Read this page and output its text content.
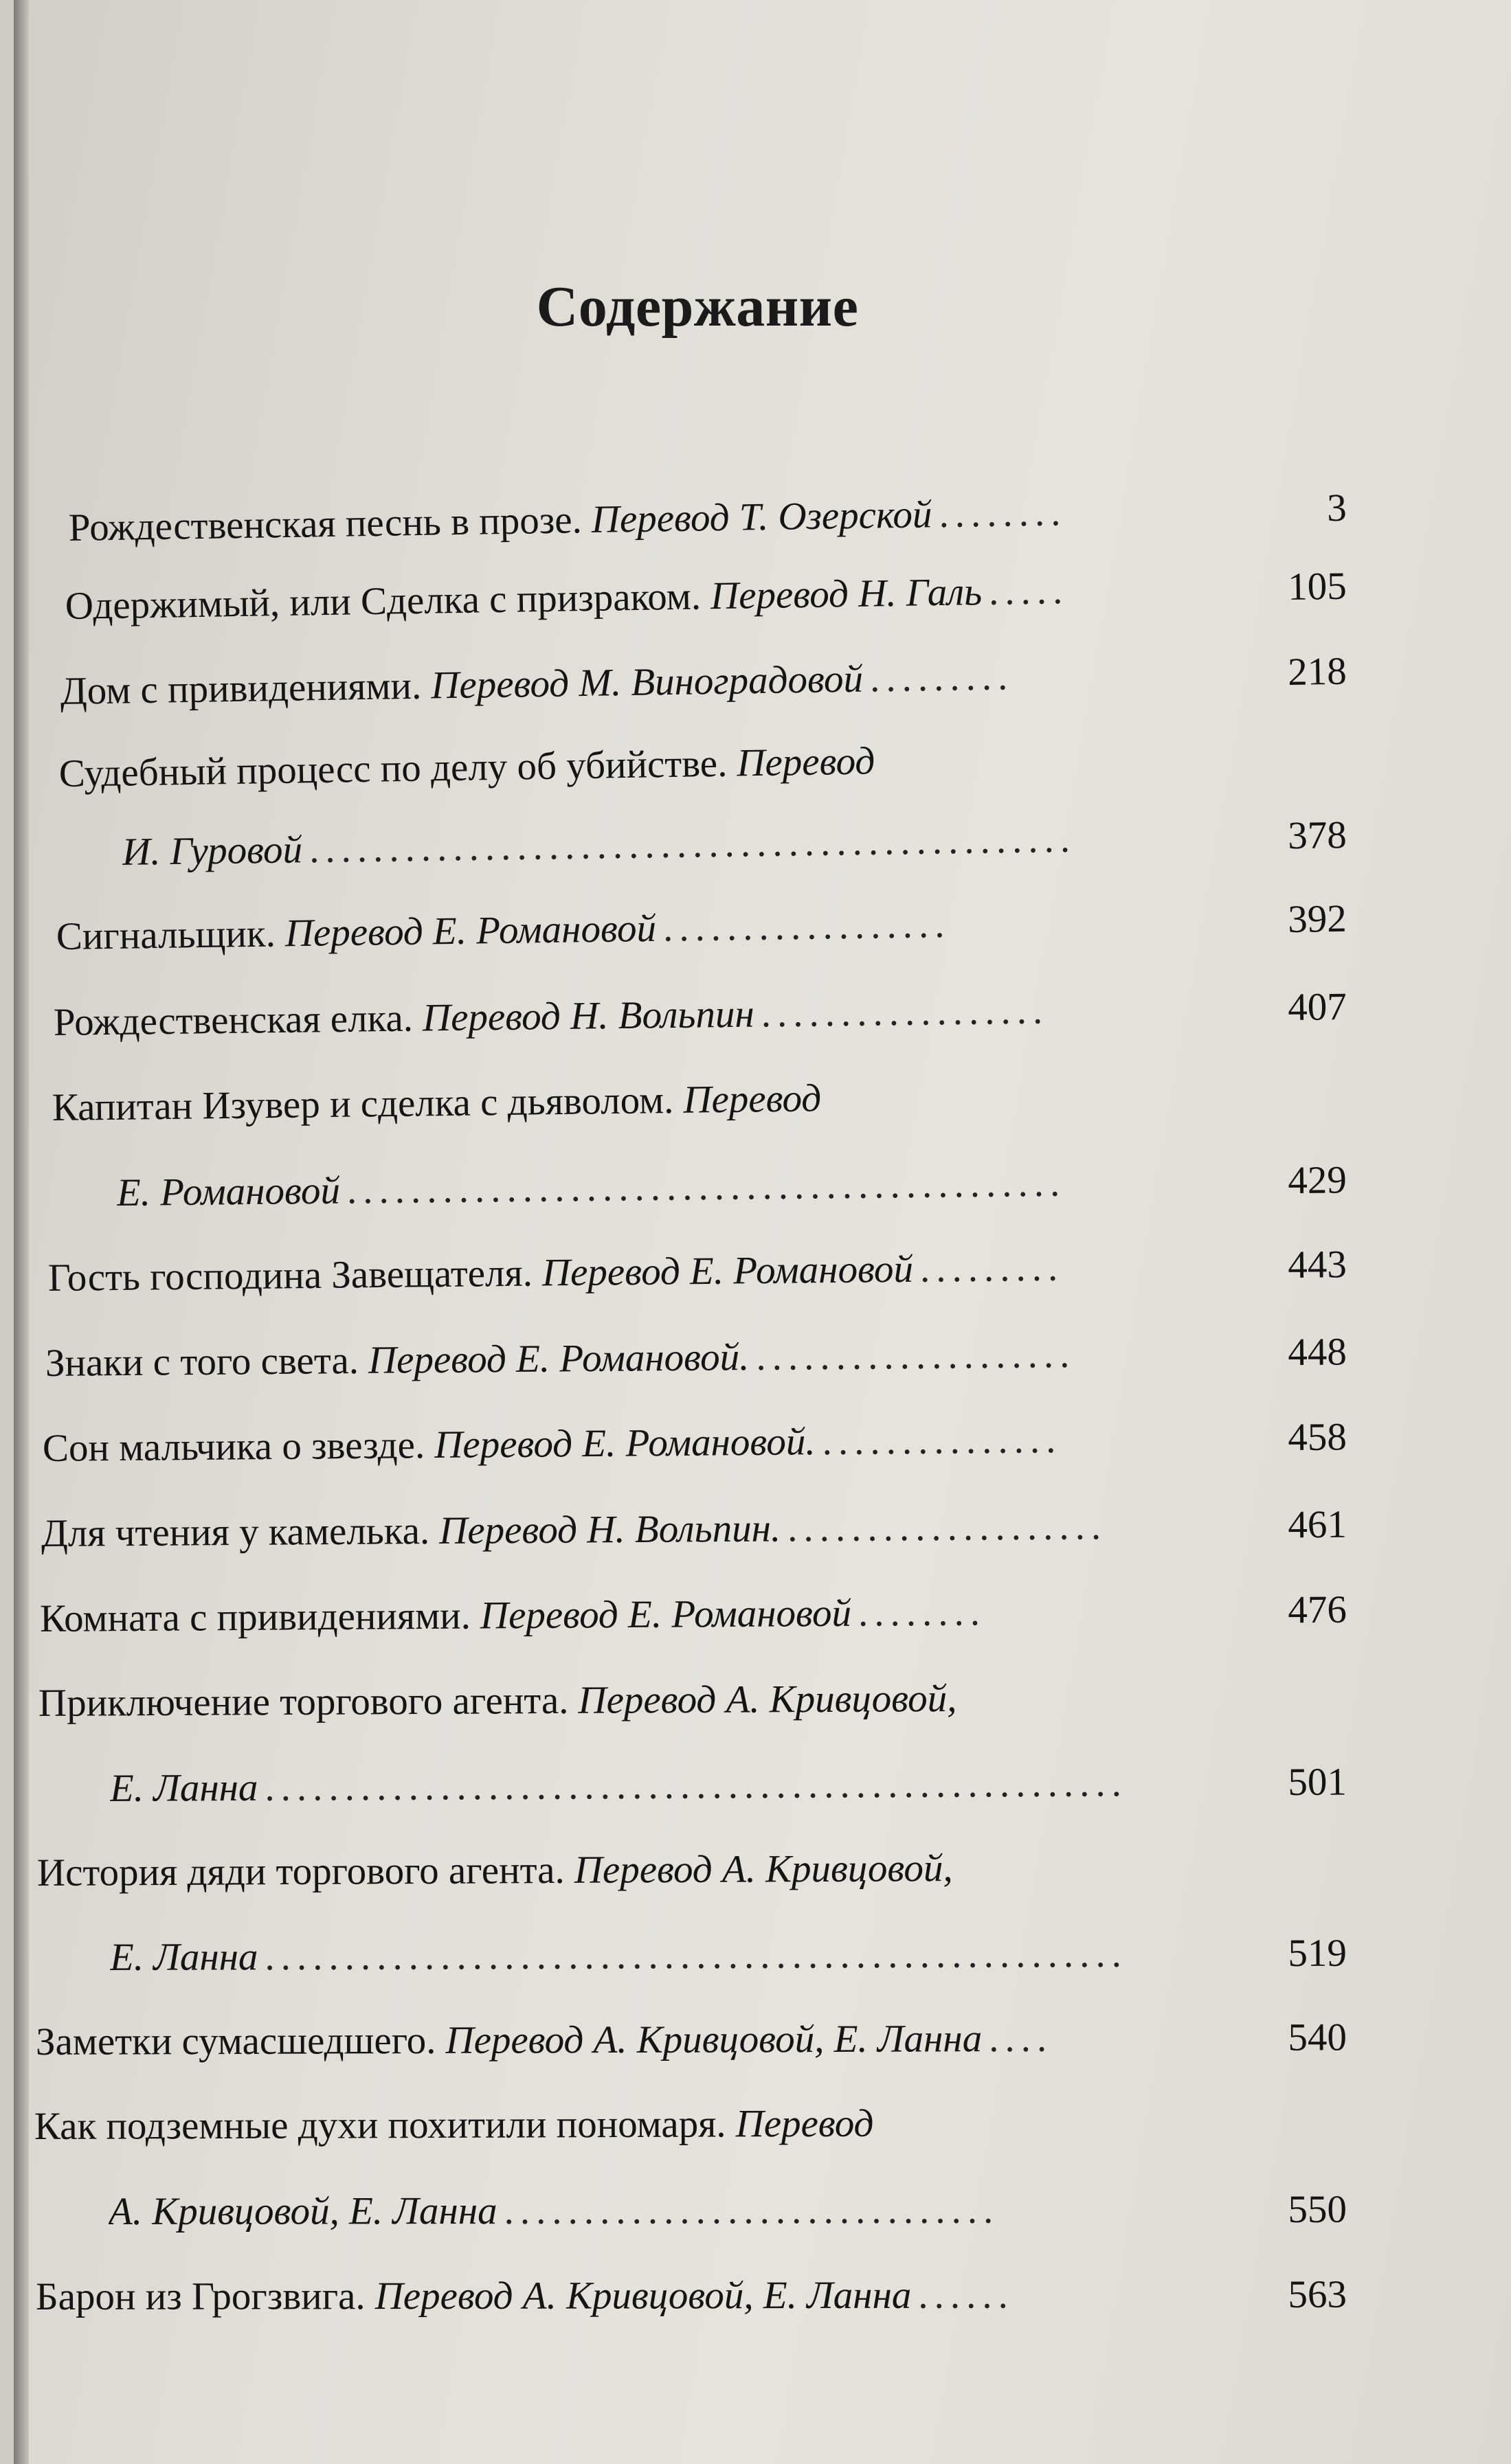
Содержание
Рождественская песнь в прозе. Перевод Т. Озерской ........	3
Одержимый, или Сделка с призраком. Перевод Н. Галь .....	105
Дом с привидениями. Перевод М. Виноградовой .........	218
Судебный процесс по делу об убийстве. Перевод
И. Гуровой ................................................	378
Сигнальщик. Перевод Е. Романовой ..................	392
Рождественская елка. Перевод Н. Вольпин ..................	407
Капитан Изувер и сделка с дьяволом. Перевод
Е. Романовой .............................................	429
Гость господина Завещателя. Перевод Е. Романовой .........	443
Знаки с того света. Перевод Е. Романовой. ....................	448
Сон мальчика о звезде. Перевод Е. Романовой. ...............	458
Для чтения у камелька. Перевод Н. Вольпин. ....................	461
Комната с привидениями. Перевод Е. Романовой ........	476
Приключение торгового агента. Перевод А. Кривцовой,
Е. Ланна ......................................................	501
История дяди торгового агента. Перевод А. Кривцовой,
Е. Ланна ......................................................	519
Заметки сумасшедшего. Перевод А. Кривцовой, Е. Ланна ....	540
Как подземные духи похитили пономаря. Перевод
А. Кривцовой, Е. Ланна ...............................	550
Барон из Грогзвига. Перевод А. Кривцовой, Е. Ланна ......	563
